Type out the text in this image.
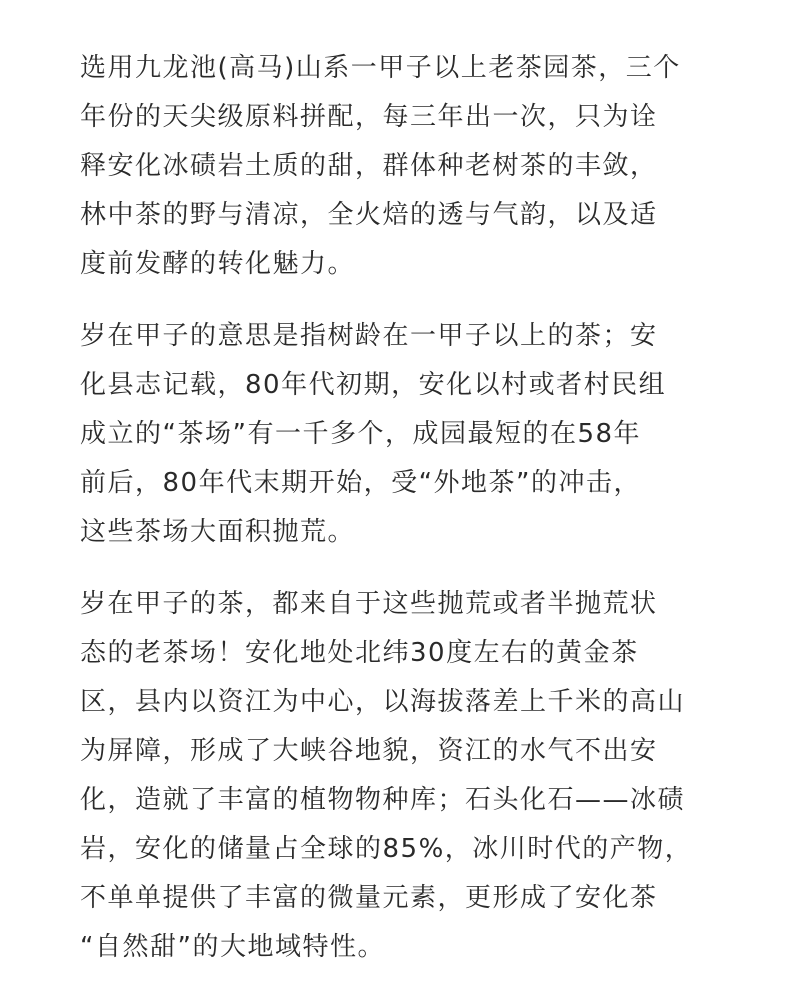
选用九龙池(高马)山系一甲子以上老茶园茶，三个
年份的天尖级原料拼配，每三年出一次，只为诠
释安化冰碛岩土质的甜，群体种老树茶的丰敛，
林中茶的野与清凉，全火焙的透与气韵，以及适
度前发酵的转化魅力。
岁在甲子的意思是指树龄在一甲子以上的茶；安
化县志记载，80年代初期，安化以村或者村民组
成立的“茶场”有一千多个，成园最短的在58年
前后，80年代末期开始，受“外地茶”的冲击，
这些茶场大面积抛荒。
岁在甲子的茶，都来自于这些抛荒或者半抛荒状
态的老茶场！安化地处北纬30度左右的黄金茶
区，县内以资江为中心，以海拔落差上千米的高山
为屏障，形成了大峡谷地貌，资江的水气不出安
化，造就了丰富的植物物种库；石头化石——冰碛
岩，安化的储量占全球的85%，冰川时代的产物，
不单单提供了丰富的微量元素，更形成了安化茶
“自然甜”的大地域特性。
